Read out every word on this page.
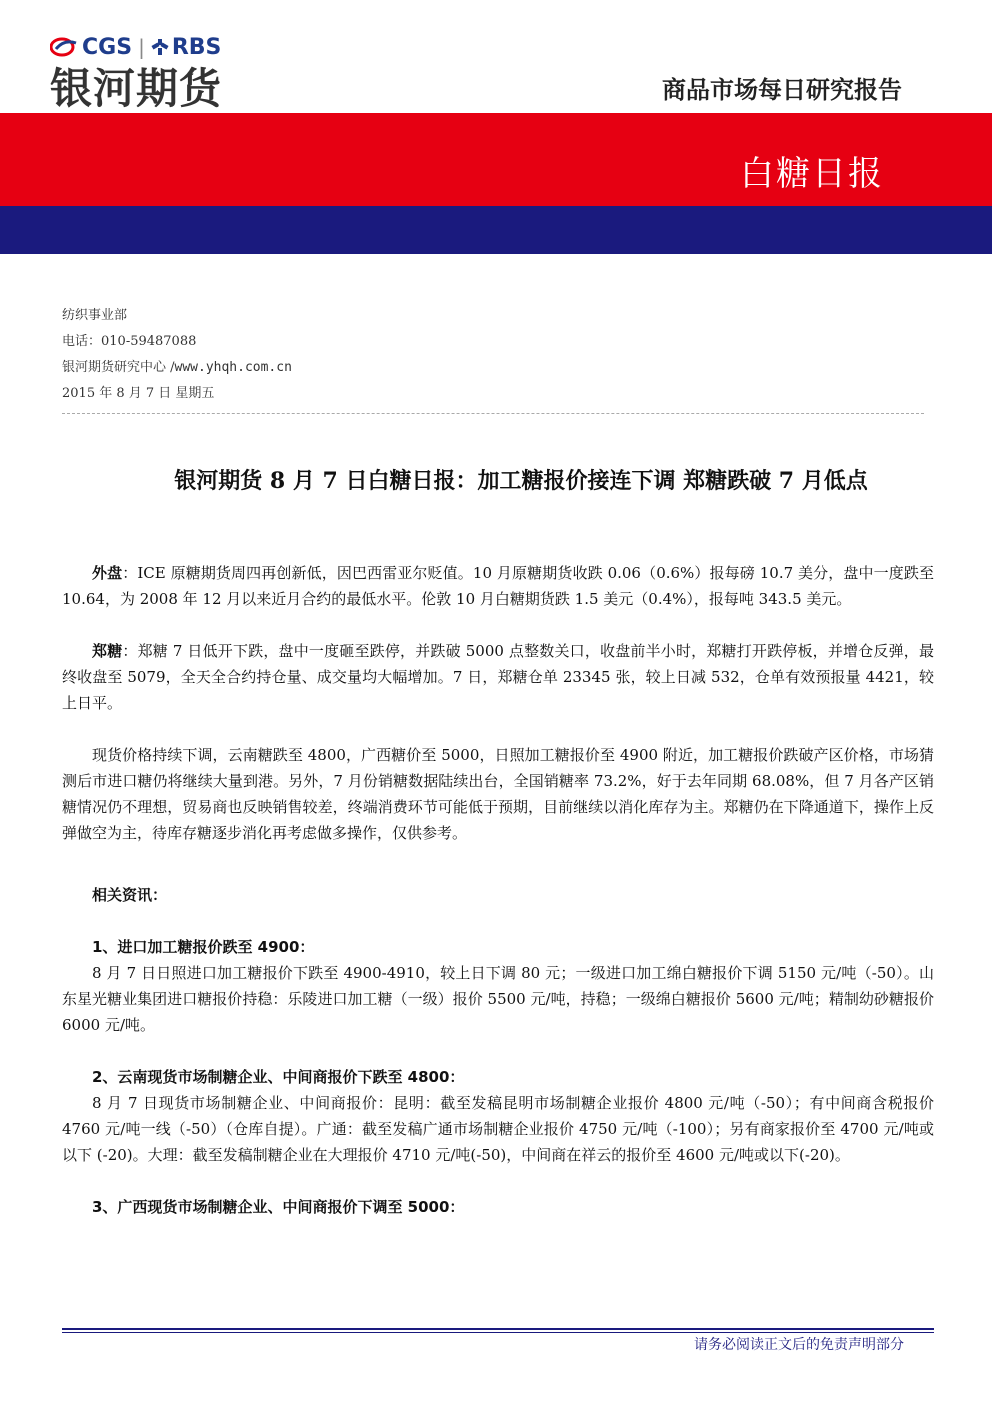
CGS | RBS
银河期货	商品市场每日研究报告
白糖日报
纺织事业部
电话：010-59487088
银河期货研究中心 /www.yhqh.com.cn
2015 年 8 月 7 日 星期五
银河期货 8 月 7 日白糖日报：加工糖报价接连下调 郑糖跌破 7 月低点

外盘：ICE 原糖期货周四再创新低，因巴西雷亚尔贬值。10 月原糖期货收跌 0.06（0.6%）报每磅 10.7 美分，盘中一度跌至 10.64，为 2008 年 12 月以来近月合约的最低水平。伦敦 10 月白糖期货跌 1.5 美元（0.4%），报每吨 343.5 美元。

郑糖：郑糖 7 日低开下跌，盘中一度砸至跌停，并跌破 5000 点整数关口，收盘前半小时，郑糖打开跌停板，并增仓反弹，最终收盘至 5079，全天全合约持仓量、成交量均大幅增加。7 日，郑糖仓单 23345 张，较上日减 532，仓单有效预报量 4421，较上日平。

现货价格持续下调，云南糖跌至 4800，广西糖价至 5000，日照加工糖报价至 4900 附近，加工糖报价跌破产区价格，市场猜测后市进口糖仍将继续大量到港。另外，7 月份销糖数据陆续出台，全国销糖率 73.2%，好于去年同期 68.08%，但 7 月各产区销糖情况仍不理想，贸易商也反映销售较差，终端消费环节可能低于预期，目前继续以消化库存为主。郑糖仍在下降通道下，操作上反弹做空为主，待库存糖逐步消化再考虑做多操作，仅供参考。

相关资讯：

1、进口加工糖报价跌至 4900：

8 月 7 日日照进口加工糖报价下跌至 4900-4910，较上日下调 80 元；一级进口加工绵白糖报价下调 5150 元/吨（-50）。山东星光糖业集团进口糖报价持稳：乐陵进口加工糖（一级）报价 5500 元/吨，持稳；一级绵白糖报价 5600 元/吨；精制幼砂糖报价 6000 元/吨。

2、云南现货市场制糖企业、中间商报价下跌至 4800：

8 月 7 日现货市场制糖企业、中间商报价：昆明：截至发稿昆明市场制糖企业报价 4800 元/吨（-50）；有中间商含税报价 4760 元/吨一线（-50）（仓库自提）。广通：截至发稿广通市场制糖企业报价 4750 元/吨（-100）；另有商家报价至 4700 元/吨或以下 (-20)。大理：截至发稿制糖企业在大理报价 4710 元/吨(-50)，中间商在祥云的报价至 4600 元/吨或以下(-20)。

3、广西现货市场制糖企业、中间商报价下调至 5000：

请务必阅读正文后的免责声明部分
